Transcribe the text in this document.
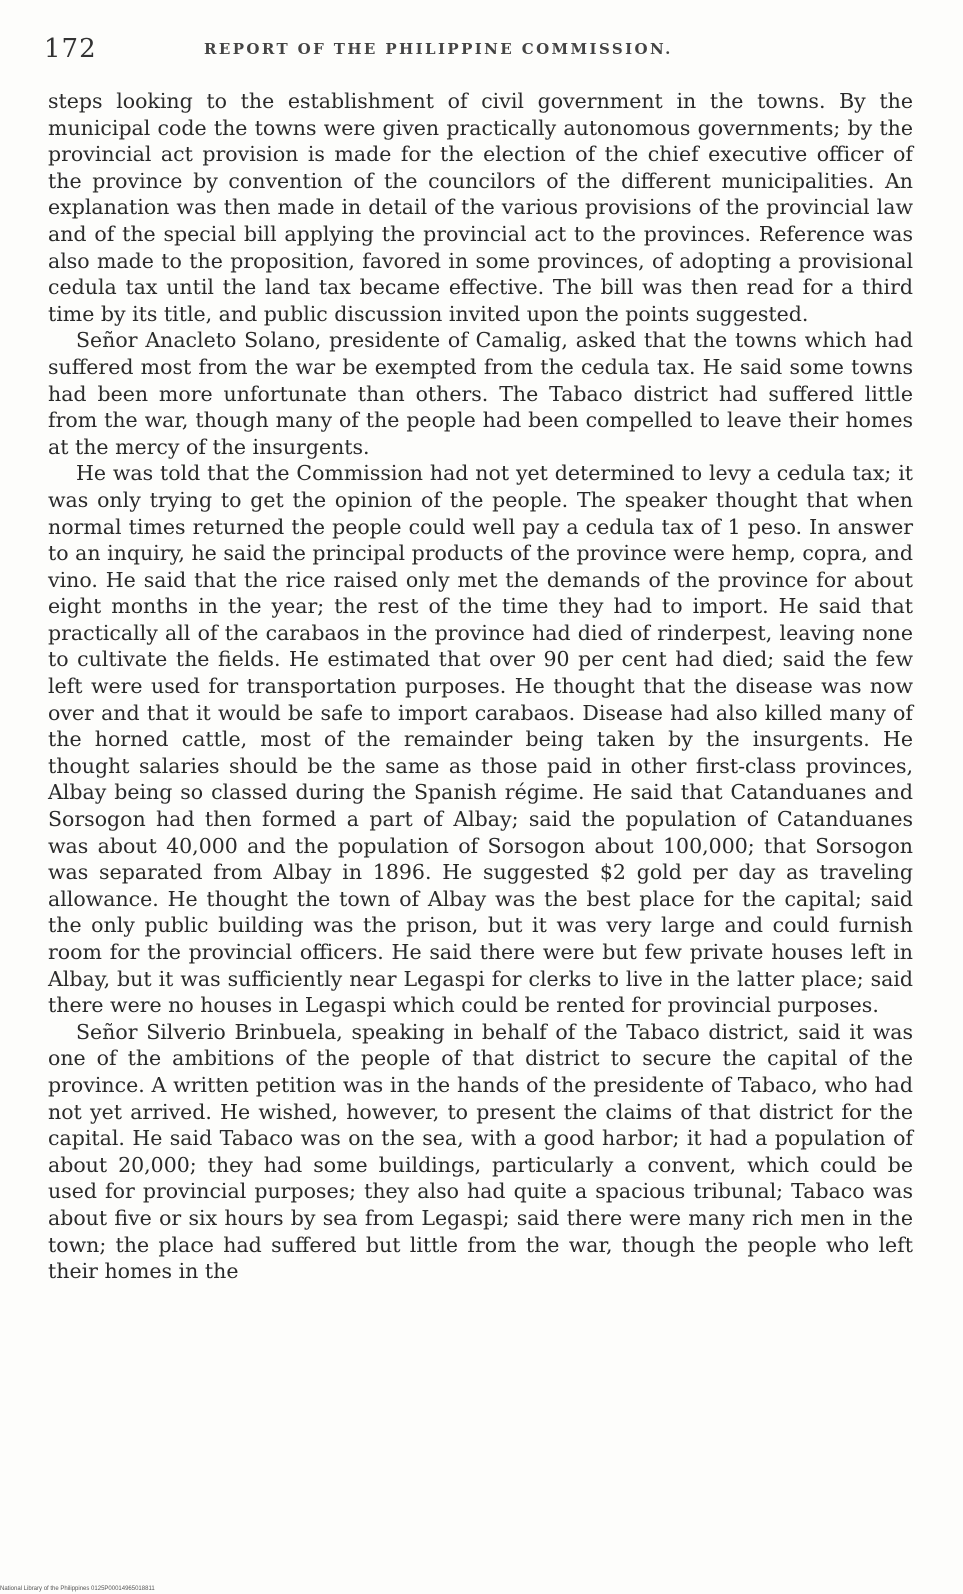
172	REPORT OF THE PHILIPPINE COMMISSION.

steps looking to the establishment of civil government in the towns. By the municipal code the towns were given practically autonomous governments; by the provincial act provision is made for the election of the chief executive officer of the province by convention of the councilors of the different municipalities. An explanation was then made in detail of the various provisions of the provincial law and of the special bill applying the provincial act to the provinces. Reference was also made to the proposition, favored in some provinces, of adopting a provisional cedula tax until the land tax became effective. The bill was then read for a third time by its title, and public discussion invited upon the points suggested.

Señor Anacleto Solano, presidente of Camalig, asked that the towns which had suffered most from the war be exempted from the cedula tax. He said some towns had been more unfortunate than others. The Tabaco district had suffered little from the war, though many of the people had been compelled to leave their homes at the mercy of the insurgents.

He was told that the Commission had not yet determined to levy a cedula tax; it was only trying to get the opinion of the people. The speaker thought that when normal times returned the people could well pay a cedula tax of 1 peso. In answer to an inquiry, he said the principal products of the province were hemp, copra, and vino. He said that the rice raised only met the demands of the province for about eight months in the year; the rest of the time they had to import. He said that practically all of the carabaos in the province had died of rinderpest, leaving none to cultivate the fields. He estimated that over 90 per cent had died; said the few left were used for transportation purposes. He thought that the disease was now over and that it would be safe to import carabaos. Disease had also killed many of the horned cattle, most of the remainder being taken by the insurgents. He thought salaries should be the same as those paid in other first-class provinces, Albay being so classed during the Spanish régime. He said that Catanduanes and Sorsogon had then formed a part of Albay; said the population of Catanduanes was about 40,000 and the population of Sorsogon about 100,000; that Sorsogon was separated from Albay in 1896. He suggested $2 gold per day as traveling allowance. He thought the town of Albay was the best place for the capital; said the only public building was the prison, but it was very large and could furnish room for the provincial officers. He said there were but few private houses left in Albay, but it was sufficiently near Legaspi for clerks to live in the latter place; said there were no houses in Legaspi which could be rented for provincial purposes.

Señor Silverio Brinbuela, speaking in behalf of the Tabaco district, said it was one of the ambitions of the people of that district to secure the capital of the province. A written petition was in the hands of the presidente of Tabaco, who had not yet arrived. He wished, however, to present the claims of that district for the capital. He said Tabaco was on the sea, with a good harbor; it had a population of about 20,000; they had some buildings, particularly a convent, which could be used for provincial purposes; they also had quite a spacious tribunal; Tabaco was about five or six hours by sea from Legaspi; said there were many rich men in the town; the place had suffered but little from the war, though the people who left their homes in the

National Library of the Philippines 0125P00014965018811
